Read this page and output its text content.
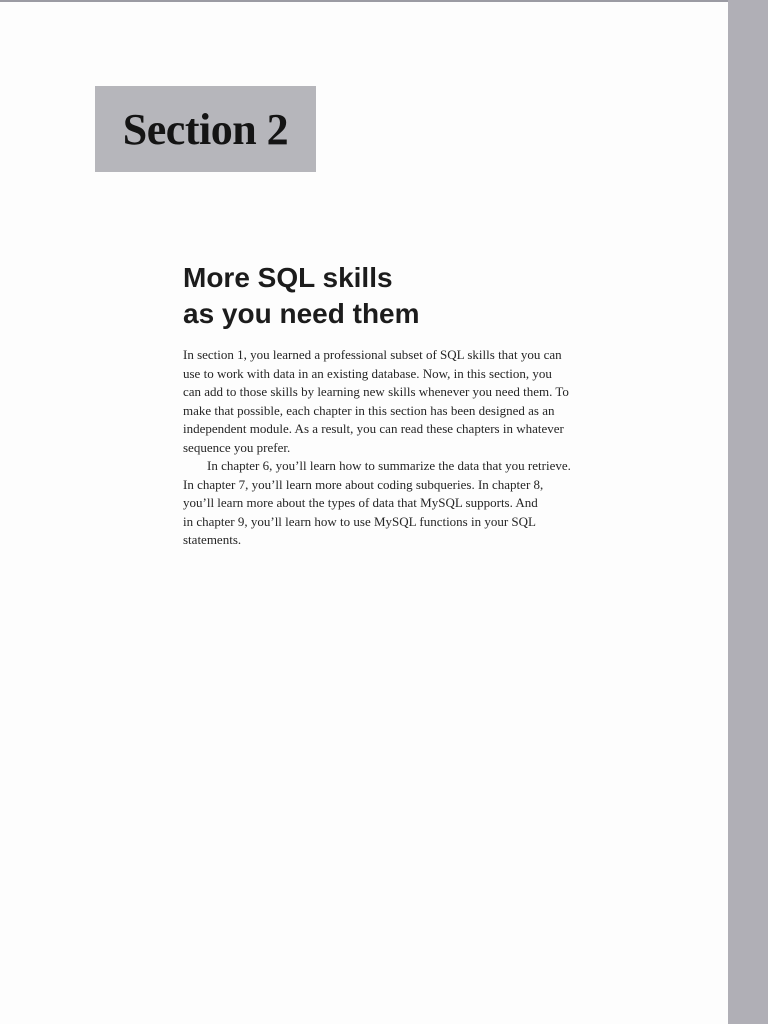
Section 2
More SQL skills
as you need them

In section 1, you learned a professional subset of SQL skills that you can
use to work with data in an existing database. Now, in this section, you
can add to those skills by learning new skills whenever you need them. To
make that possible, each chapter in this section has been designed as an
independent module. As a result, you can read these chapters in whatever
sequence you prefer.

In chapter 6, you’ll learn how to summarize the data that you retrieve.
In chapter 7, you’ll learn more about coding subqueries. In chapter 8,
you’ll learn more about the types of data that MySQL supports. And
in chapter 9, you’ll learn how to use MySQL functions in your SQL
statements.
